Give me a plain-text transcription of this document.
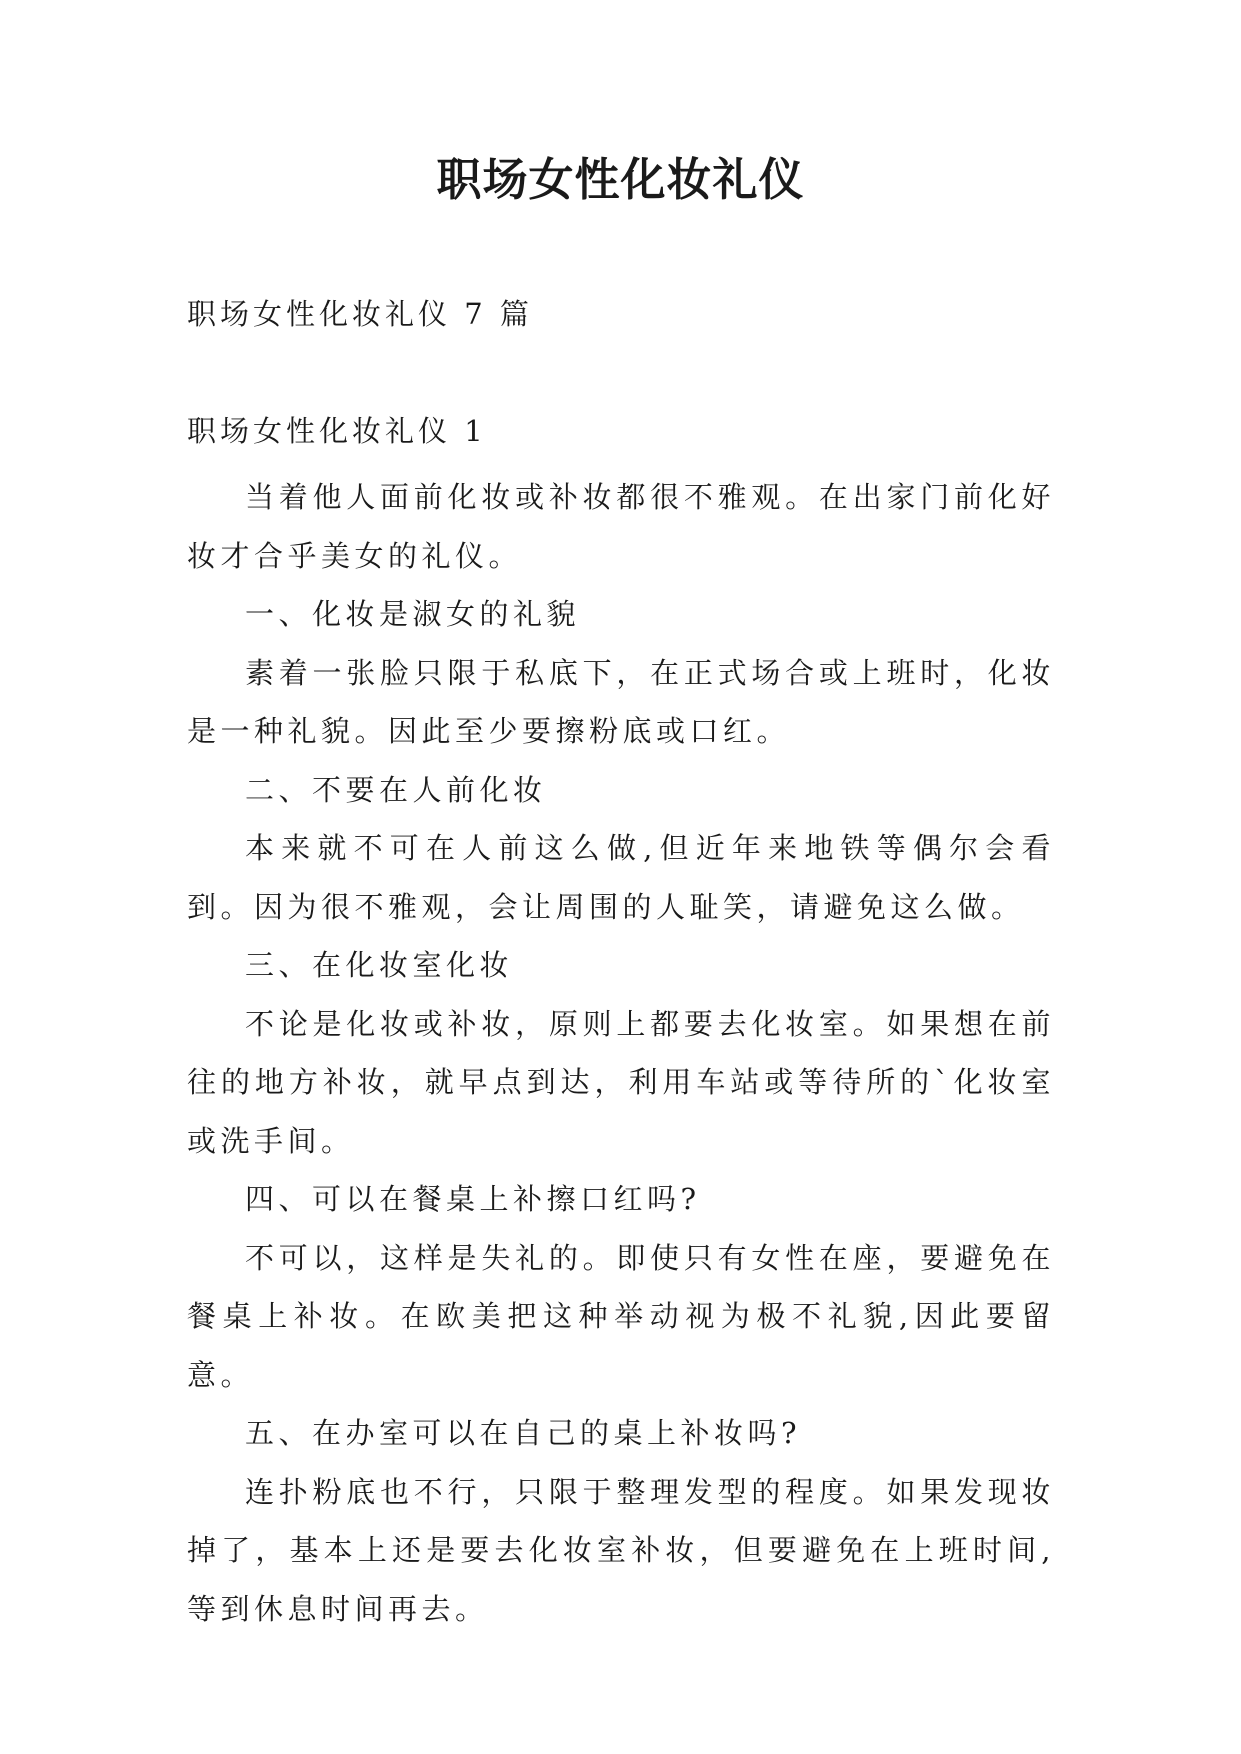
职场女性化妆礼仪
职场女性化妆礼仪 7 篇
职场女性化妆礼仪 1

当着他人面前化妆或补妆都很不雅观。在出家门前化好妆才合乎美女的礼仪。

一、化妆是淑女的礼貌

素着一张脸只限于私底下，在正式场合或上班时，化妆是一种礼貌。因此至少要擦粉底或口红。

二、不要在人前化妆

本来就不可在人前这么做,但近年来地铁等偶尔会看到。因为很不雅观，会让周围的人耻笑，请避免这么做。

三、在化妆室化妆

不论是化妆或补妆，原则上都要去化妆室。如果想在前往的地方补妆，就早点到达，利用车站或等待所的`化妆室或洗手间。

四、可以在餐桌上补擦口红吗?

不可以，这样是失礼的。即使只有女性在座，要避免在餐桌上补妆。在欧美把这种举动视为极不礼貌,因此要留意。

五、在办室可以在自己的桌上补妆吗?

连扑粉底也不行，只限于整理发型的程度。如果发现妆掉了，基本上还是要去化妆室补妆，但要避免在上班时间,等到休息时间再去。
